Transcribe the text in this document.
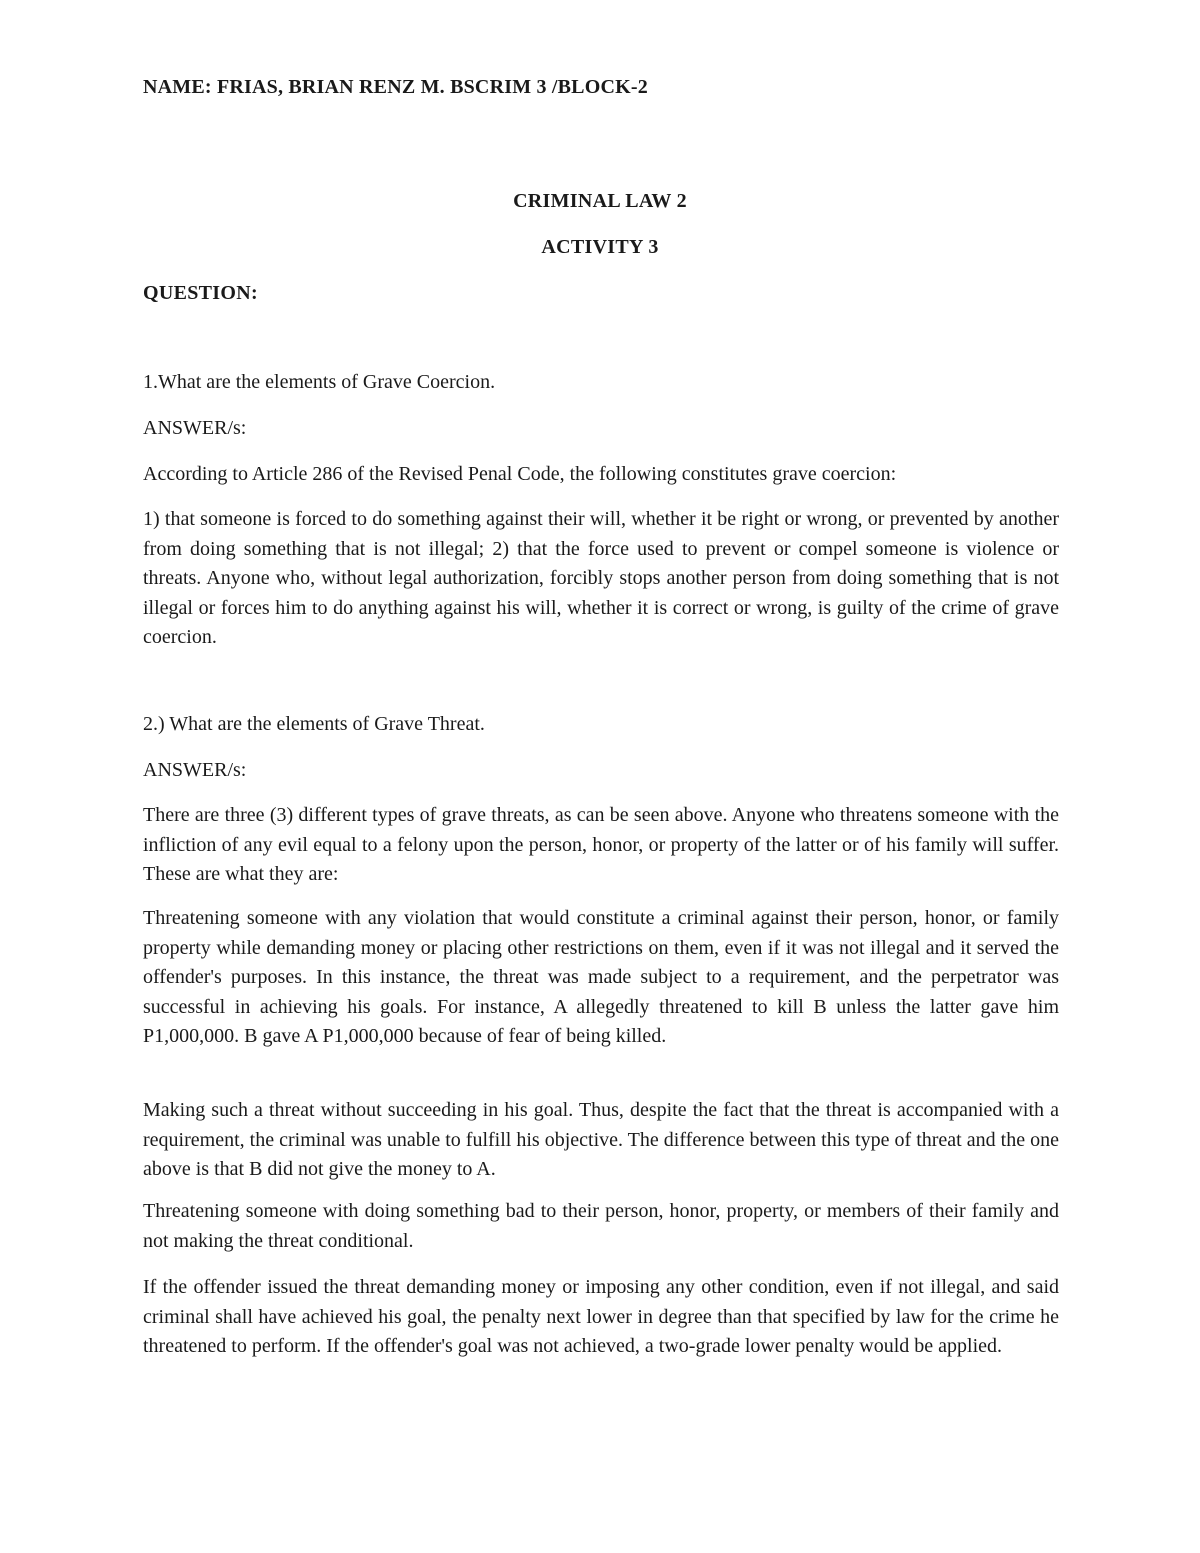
NAME: FRIAS, BRIAN RENZ M. BSCRIM 3 /BLOCK-2
CRIMINAL LAW 2
ACTIVITY 3
QUESTION:

1.What are the elements of Grave Coercion.

ANSWER/s:

According to Article 286 of the Revised Penal Code, the following constitutes grave coercion:

1) that someone is forced to do something against their will, whether it be right or wrong, or prevented by another from doing something that is not illegal; 2) that the force used to prevent or compel someone is violence or threats. Anyone who, without legal authorization, forcibly stops another person from doing something that is not illegal or forces him to do anything against his will, whether it is correct or wrong, is guilty of the crime of grave coercion.

2.) What are the elements of Grave Threat.

ANSWER/s:

There are three (3) different types of grave threats, as can be seen above. Anyone who threatens someone with the infliction of any evil equal to a felony upon the person, honor, or property of the latter or of his family will suffer. These are what they are:

Threatening someone with any violation that would constitute a criminal against their person, honor, or family property while demanding money or placing other restrictions on them, even if it was not illegal and it served the offender's purposes. In this instance, the threat was made subject to a requirement, and the perpetrator was successful in achieving his goals. For instance, A allegedly threatened to kill B unless the latter gave him P1,000,000. B gave A P1,000,000 because of fear of being killed.

Making such a threat without succeeding in his goal. Thus, despite the fact that the threat is accompanied with a requirement, the criminal was unable to fulfill his objective. The difference between this type of threat and the one above is that B did not give the money to A.

Threatening someone with doing something bad to their person, honor, property, or members of their family and not making the threat conditional.

If the offender issued the threat demanding money or imposing any other condition, even if not illegal, and said criminal shall have achieved his goal, the penalty next lower in degree than that specified by law for the crime he threatened to perform. If the offender's goal was not achieved, a two-grade lower penalty would be applied.
